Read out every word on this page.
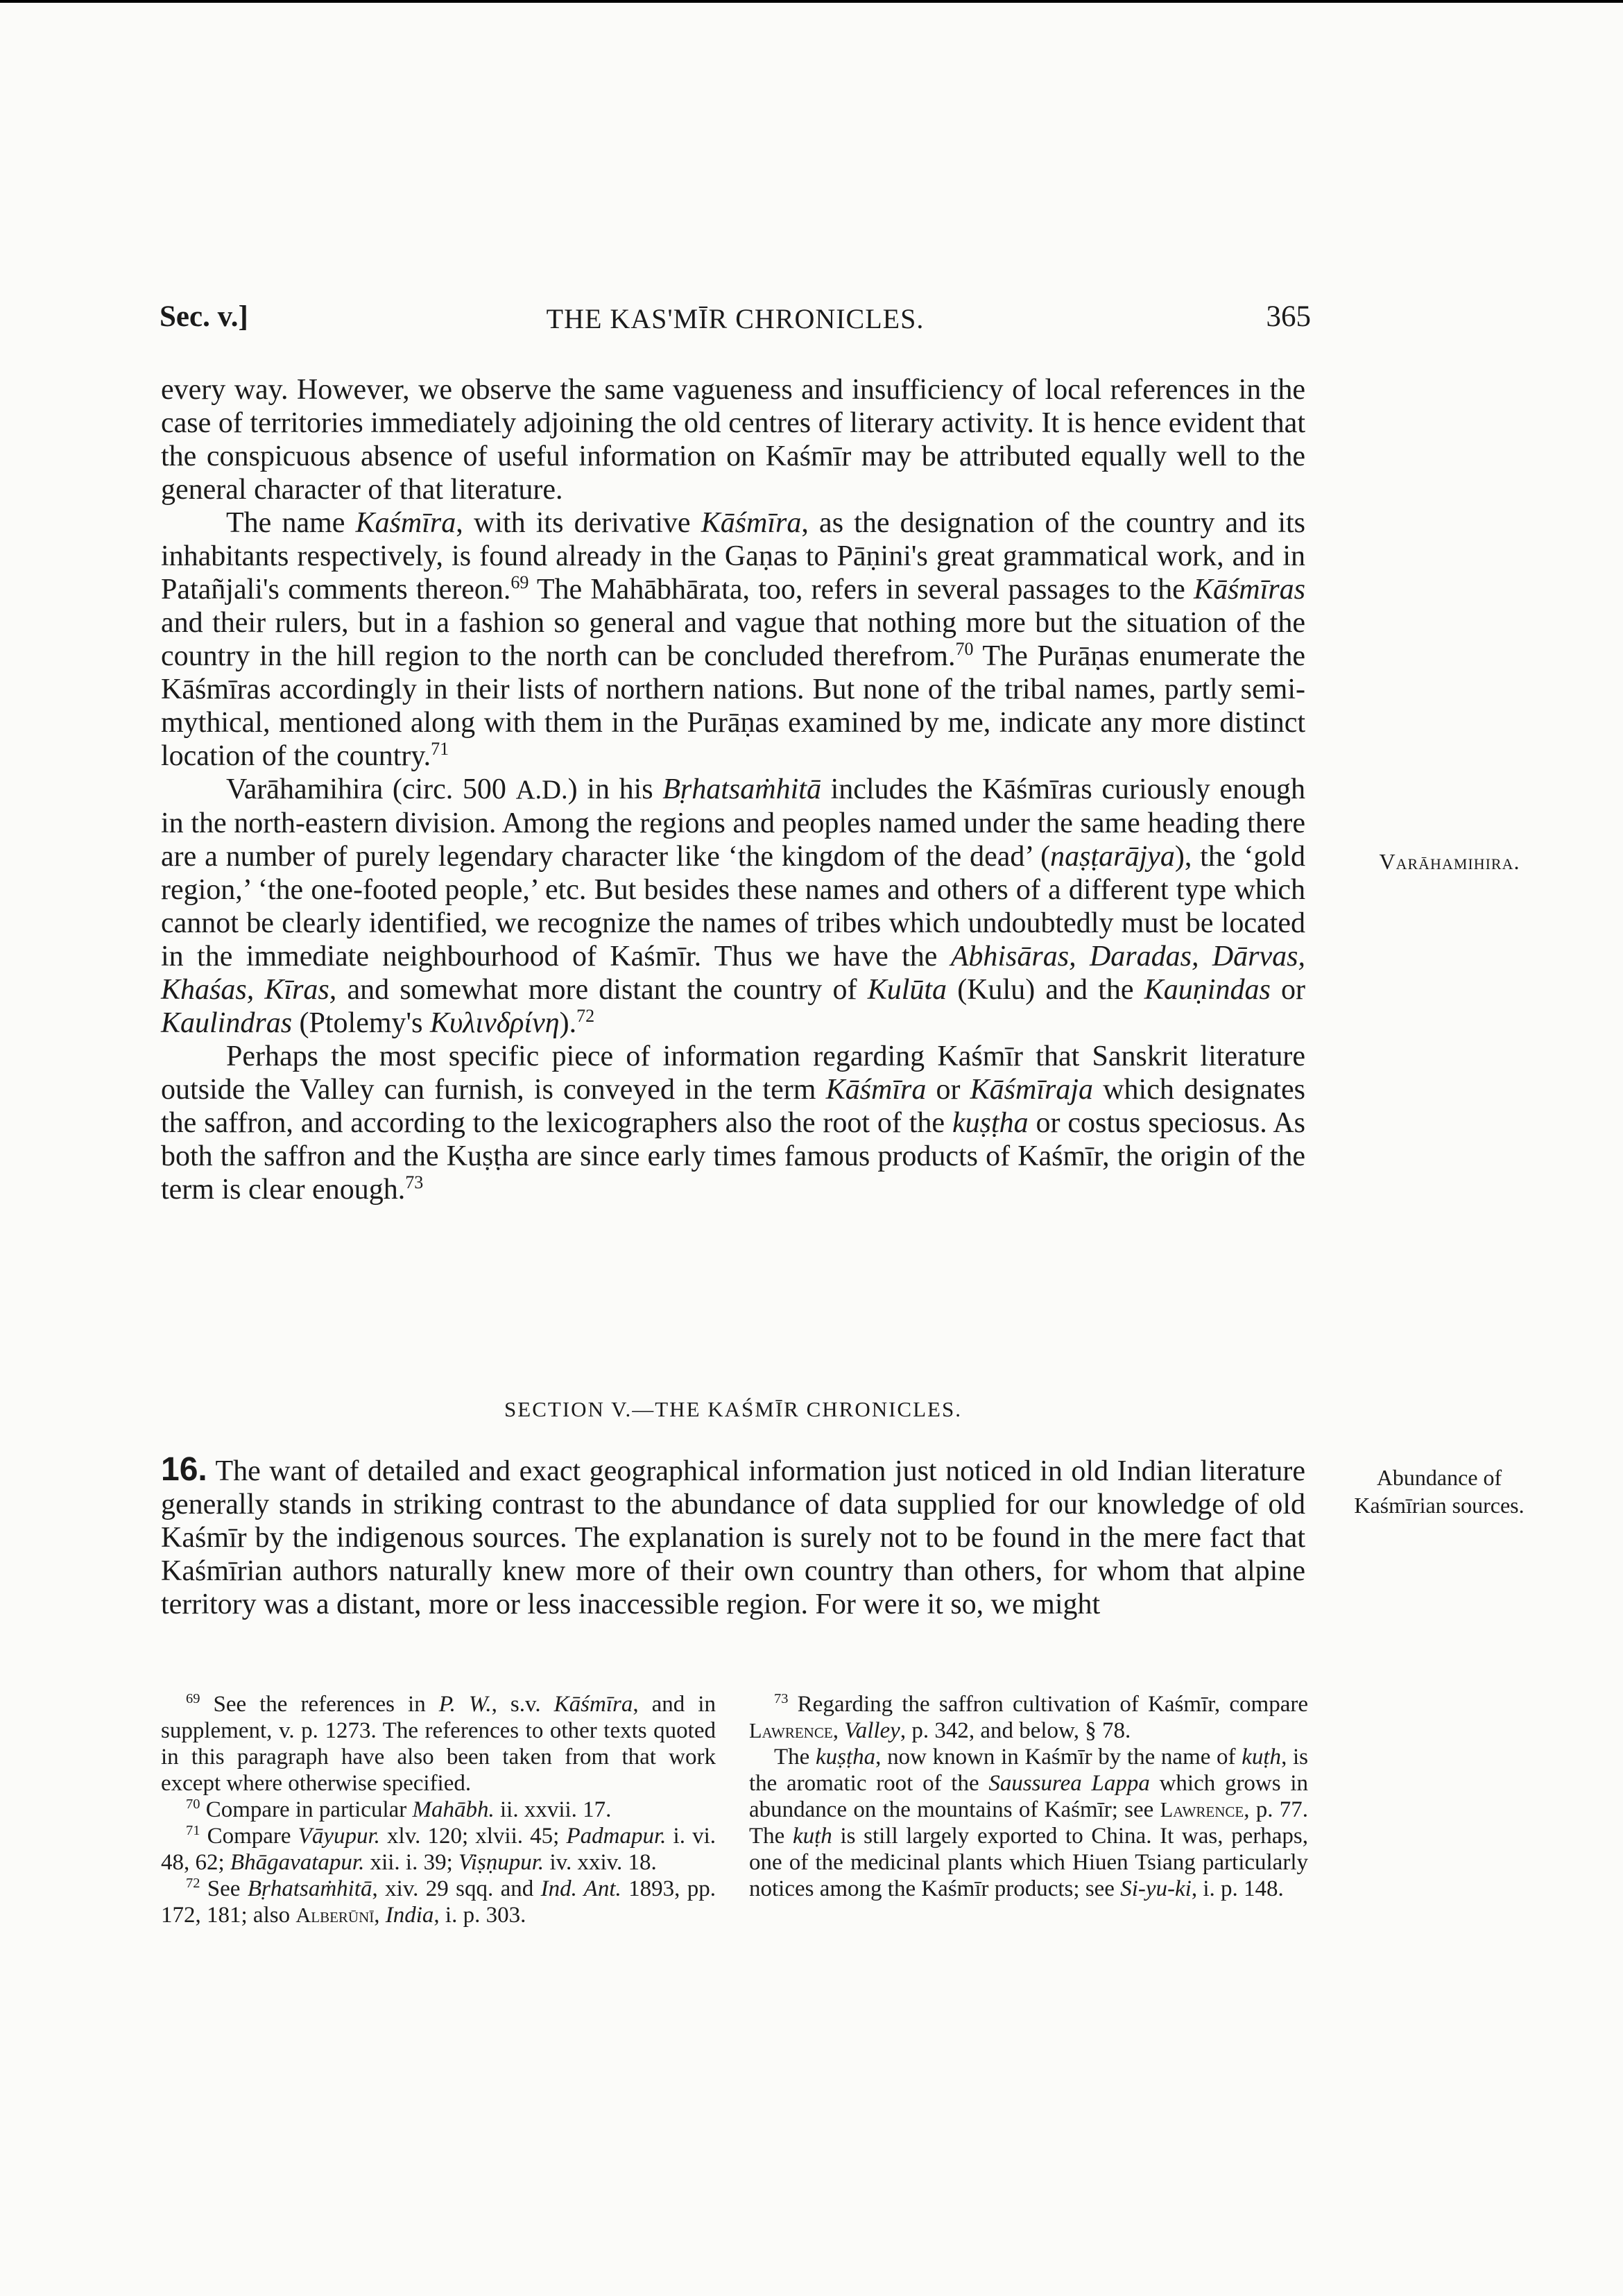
Sec. v.]	THE KAS'MĪR CHRONICLES.	365

every way. However, we observe the same vagueness and insufficiency of local references in the case of territories immediately adjoining the old centres of literary activity. It is hence evident that the conspicuous absence of useful information on Kaśmīr may be attributed equally well to the general character of that literature.

The name Kaśmīra, with its derivative Kāśmīra, as the designation of the country and its inhabitants respectively, is found already in the Gaṇas to Pāṇini's great grammatical work, and in Patañjali's comments thereon.$^{69}$ The Mahābhārata, too, refers in several passages to the Kāśmīras and their rulers, but in a fashion so general and vague that nothing more but the situation of the country in the hill region to the north can be concluded therefrom.$^{70}$ The Purāṇas enumerate the Kāśmīras accordingly in their lists of northern nations. But none of the tribal names, partly semi-mythical, mentioned along with them in the Purāṇas examined by me, indicate any more distinct location of the country.$^{71}$

Varāhamihira (circ. 500 A.D.) in his Bṛhatsaṁhitā includes the Kāśmīras curiously enough in the north-eastern division. Among the regions and peoples named under the same heading there are a number of purely legendary character like ‘the kingdom of the dead’ (naṣṭarājya), the ‘gold region,’ ‘the one-footed people,’ etc. But besides these names and others of a different type which cannot be clearly identified, we recognize the names of tribes which undoubtedly must be located in the immediate neighbourhood of Kaśmīr. Thus we have the Abhisāras, Daradas, Dārvas, Khaśas, Kīras, and somewhat more distant the country of Kulūta (Kulu) and the Kauṇindas or Kaulindras (Ptolemy's Κυλινδρίνη).$^{72}$

Perhaps the most specific piece of information regarding Kaśmīr that Sanskrit literature outside the Valley can furnish, is conveyed in the term Kāśmīra or Kāśmīraja which designates the saffron, and according to the lexicographers also the root of the kuṣṭha or costus speciosus. As both the saffron and the Kuṣṭha are since early times famous products of Kaśmīr, the origin of the term is clear enough.$^{73}$

Varāhamihira.
SECTION V.—THE KAŚMĪR CHRONICLES.

16. The want of detailed and exact geographical information just noticed in old Indian literature generally stands in striking contrast to the abundance of data supplied for our knowledge of old Kaśmīr by the indigenous sources. The explanation is surely not to be found in the mere fact that Kaśmīrian authors naturally knew more of their own country than others, for whom that alpine territory was a distant, more or less inaccessible region. For were it so, we might

Abundance of
Kaśmīrian sources.

$^{69}$ See the references in P. W., s.v. Kāśmīra, and in supplement, v. p. 1273. The references to other texts quoted in this paragraph have also been taken from that work except where otherwise specified.

$^{70}$ Compare in particular Mahābh. ii. xxvii. 17.

$^{71}$ Compare Vāyupur. xlv. 120; xlvii. 45; Padmapur. i. vi. 48, 62; Bhāgavatapur. xii. i. 39; Viṣṇupur. iv. xxiv. 18.

$^{72}$ See Bṛhatsaṁhitā, xiv. 29 sqq. and Ind. Ant. 1893, pp. 172, 181; also Alberūnī, India, i. p. 303.

$^{73}$ Regarding the saffron cultivation of Kaśmīr, compare Lawrence, Valley, p. 342, and below, § 78.

The kuṣṭha, now known in Kaśmīr by the name of kuṭh, is the aromatic root of the Saussurea Lappa which grows in abundance on the mountains of Kaśmīr; see Lawrence, p. 77. The kuṭh is still largely exported to China. It was, perhaps, one of the medicinal plants which Hiuen Tsiang particularly notices among the Kaśmīr products; see Si-yu-ki, i. p. 148.
